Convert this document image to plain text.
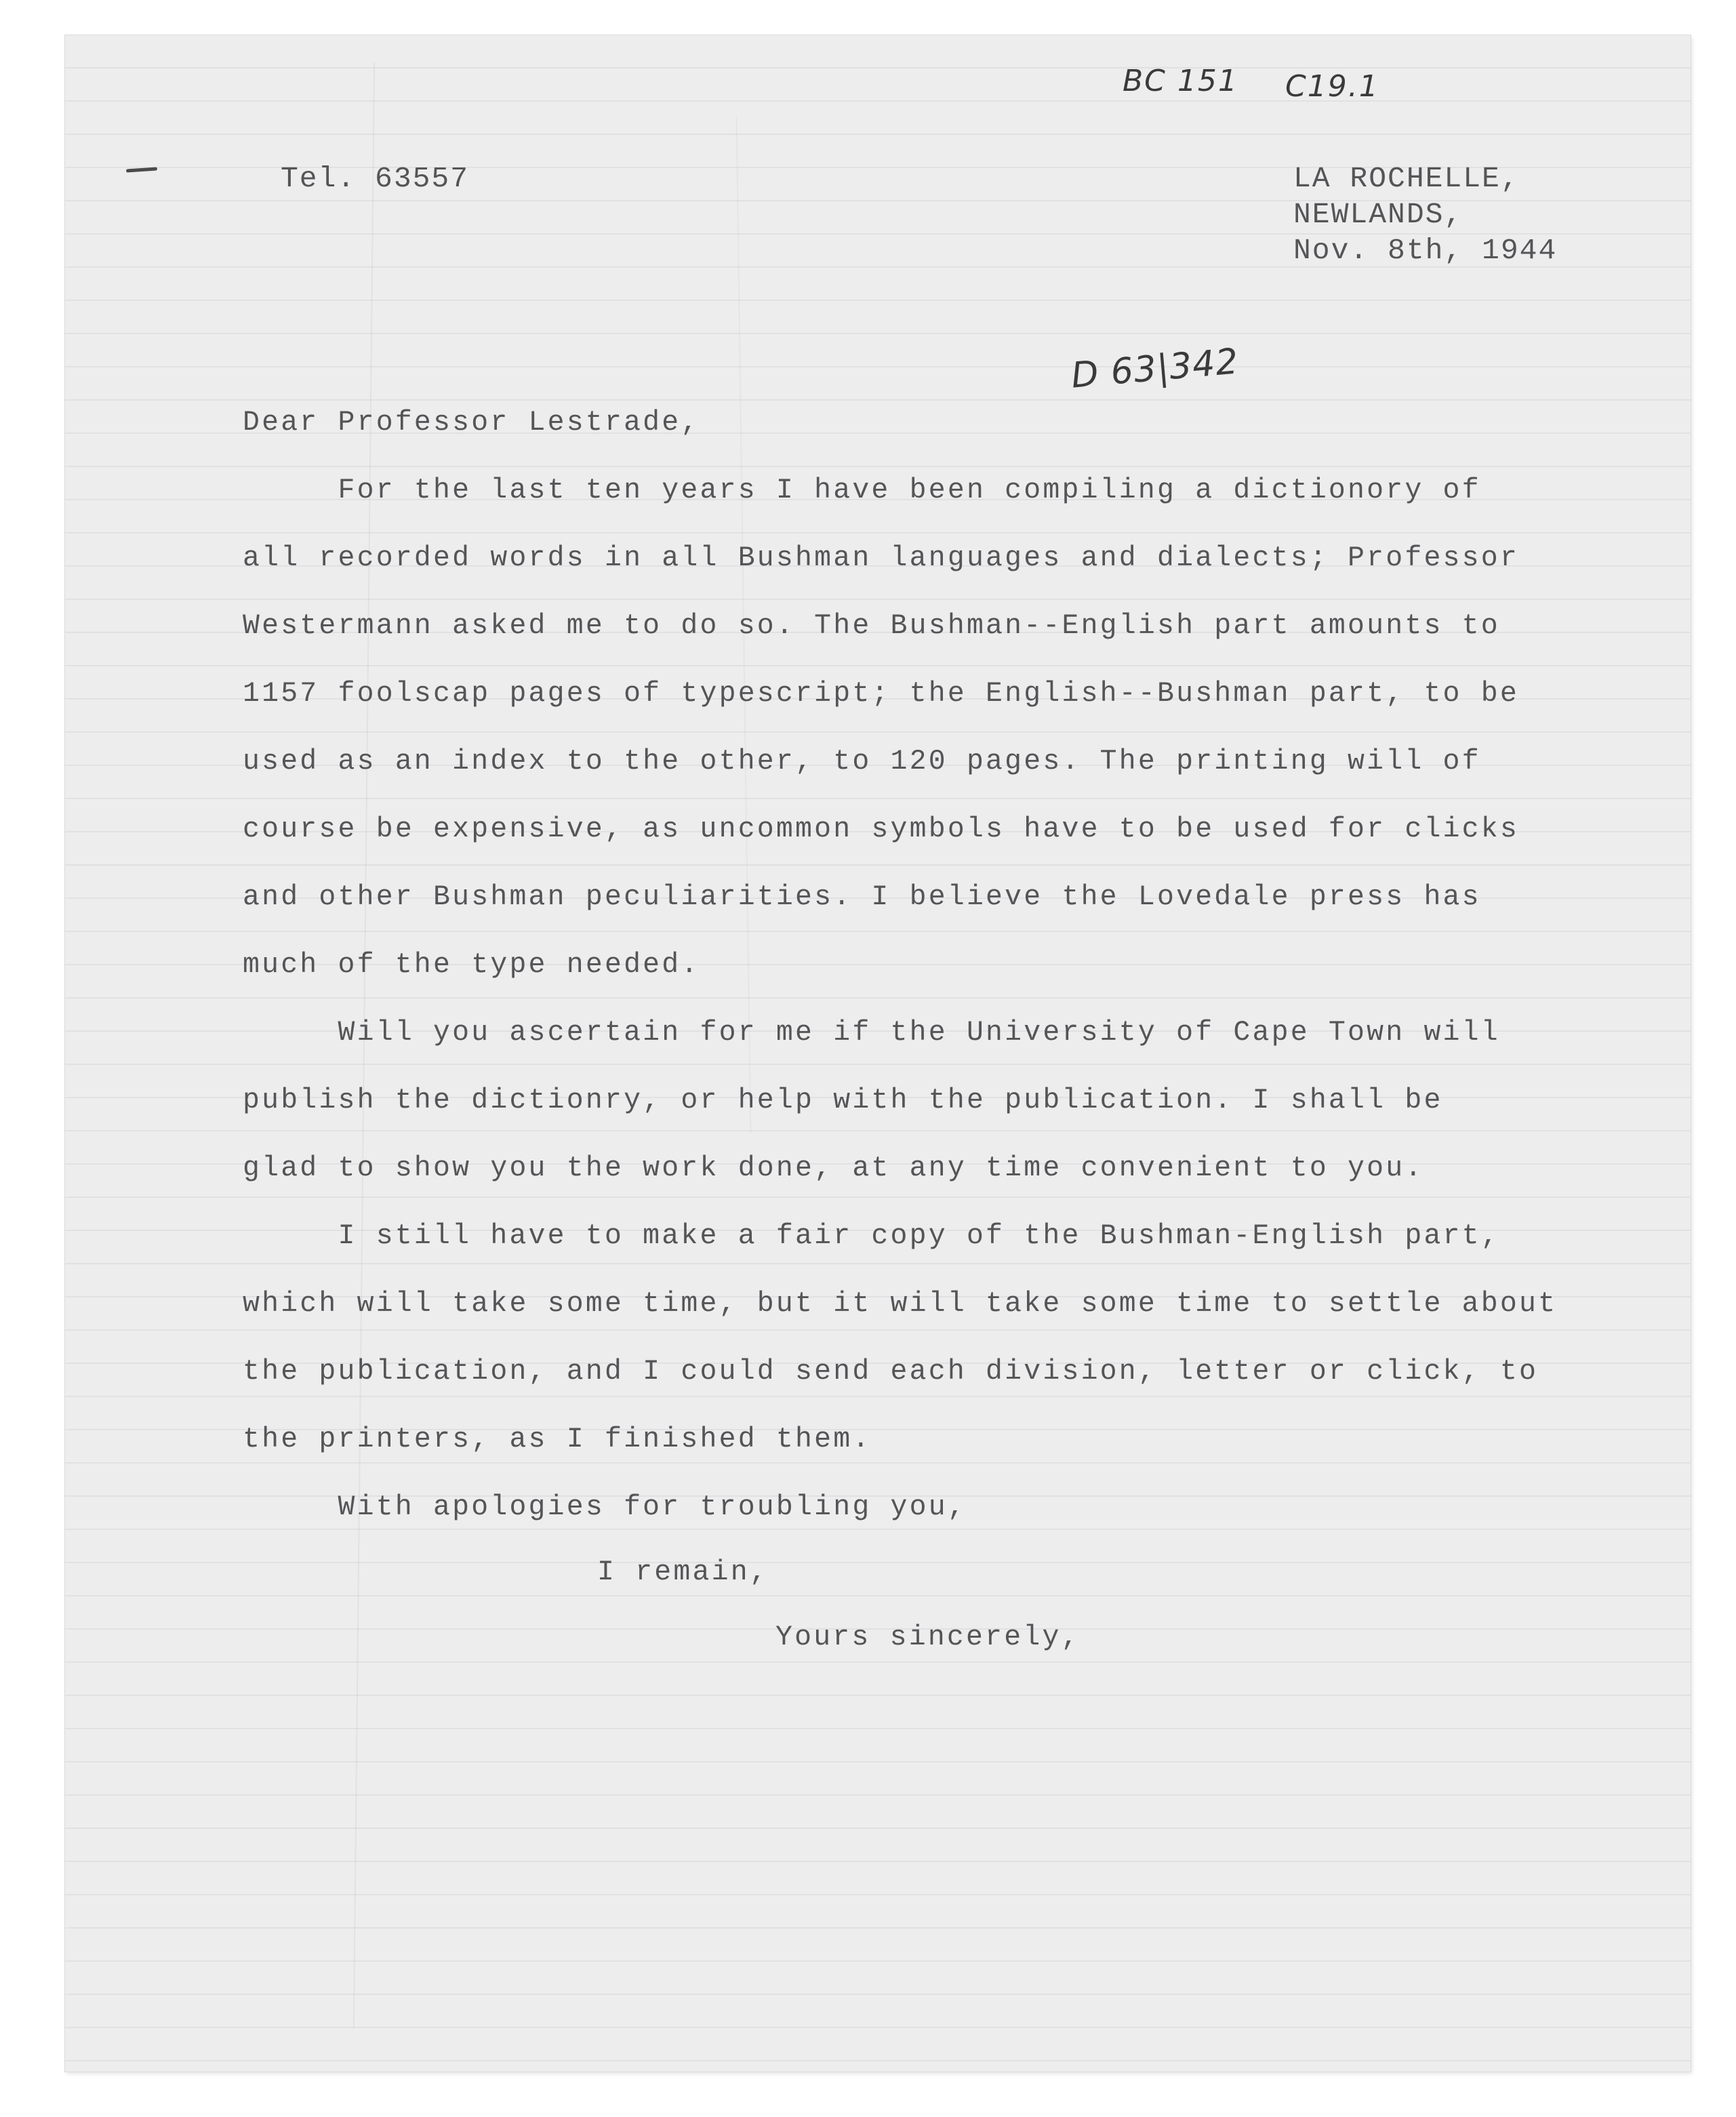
BC 151 C19.1
D 63|342
Tel. 63557	LA ROCHELLE,
NEWLANDS,
Nov. 8th, 1944
Dear Professor Lestrade,
For the last ten years I have been compiling a dictionory of
all recorded words in all Bushman languages and dialects; Professor
Westermann asked me to do so. The Bushman--English part amounts to
1157 foolscap pages of typescript; the English--Bushman part, to be
used as an index to the other, to 120 pages. The printing will of
course be expensive, as uncommon symbols have to be used for clicks
and other Bushman peculiarities. I believe the Lovedale press has
much of the type needed.
Will you ascertain for me if the University of Cape Town will
publish the dictionry, or help with the publication. I shall be
glad to show you the work done, at any time convenient to you.
I still have to make a fair copy of the Bushman-English part,
which will take some time, but it will take some time to settle about
the publication, and I could send each division, letter or click, to
the printers, as I finished them.
With apologies for troubling you,
I remain,
Yours sincerely,
